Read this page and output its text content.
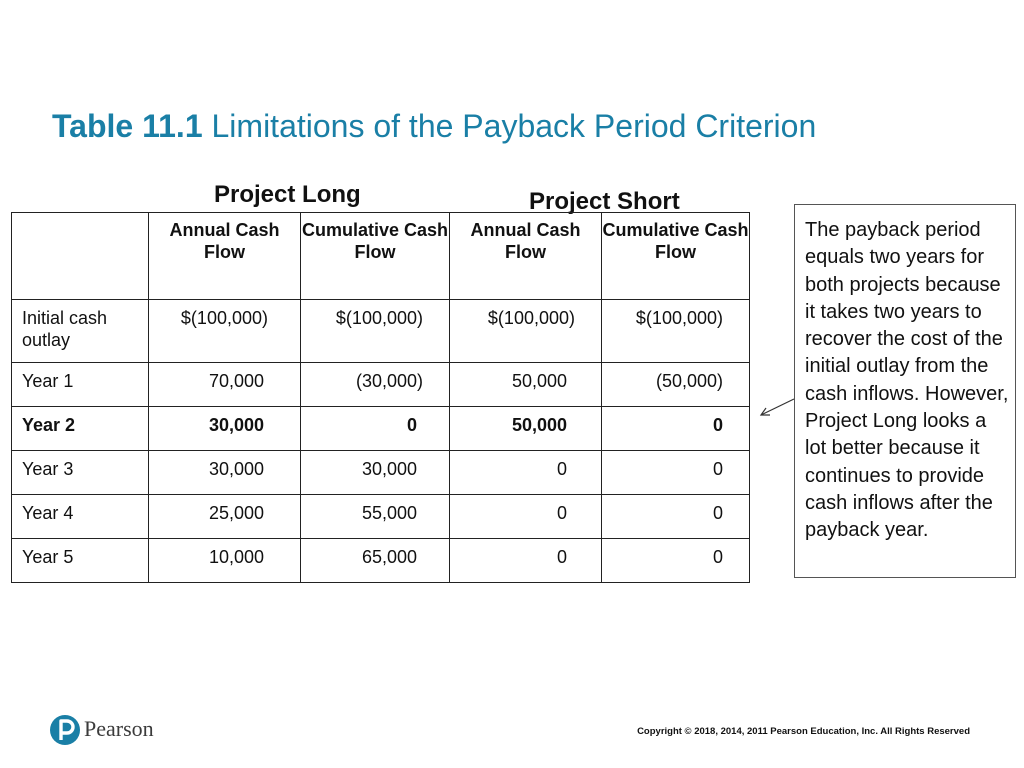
Table 11.1 Limitations of the Payback Period Criterion
Project Long	Project Short
	Annual Cash Flow	Cumulative Cash Flow	Annual Cash Flow	Cumulative Cash Flow
Initial cash outlay	$(100,000)	$(100,000)	$(100,000)	$(100,000)
Year 1	70,000	(30,000)	50,000	(50,000)
Year 2	30,000	0	50,000	0
Year 3	30,000	30,000	0	0
Year 4	25,000	55,000	0	0
Year 5	10,000	65,000	0	0
The payback period equals two years for both projects because it takes two years to recover the cost of the initial outlay from the cash inflows. However, Project Long looks a lot better because it continues to provide cash inflows after the payback year.
Pearson	Copyright © 2018, 2014, 2011 Pearson Education, Inc. All Rights Reserved
